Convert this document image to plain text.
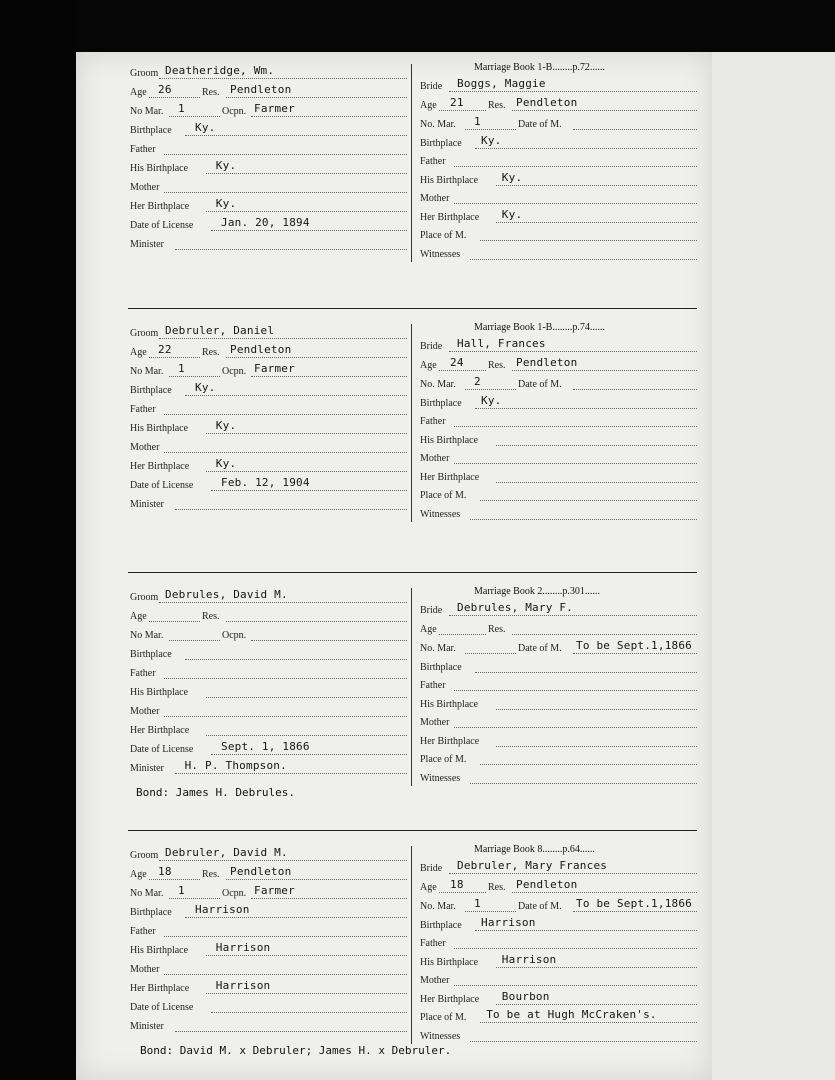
Groom Deatheridge, Wm.
Age	26	Res. Pendleton
No Mar.	1	Ocpn. Farmer
Birthplace	Ky.
Father
His Birthplace	Ky.
Mother
Her Birthplace	Ky.
Date of License	Jan. 20, 1894
Minister
Marriage Book 1-B........p.72......
Bride	Boggs, Maggie
Age	21 Res. Pendleton
No. Mar.	1	Date of M.
Birthplace	Ky.
Father
His Birthplace	Ky.
Mother
Her Birthplace	Ky.
Place of M.
Witnesses
Groom Debruler, Daniel
Age	22	Res. Pendleton
No Mar.	1	Ocpn. Farmer
Birthplace	Ky.
Father
His Birthplace	Ky.
Mother
Her Birthplace	Ky.
Date of License	Feb. 12, 1904
Minister
Marriage Book 1-B........p.74......
Bride	Hall, Frances
Age	24 Res. Pendleton
No. Mar.	2	Date of M.
Birthplace	Ky.
Father
His Birthplace
Mother
Her Birthplace
Place of M.
Witnesses
Groom Debrules, David M.
Age	Res.
No Mar.	Ocpn.
Birthplace
Father
His Birthplace
Mother
Her Birthplace
Date of License	Sept. 1, 1866
Minister	H. P. Thompson.
Marriage Book 2........p.301......
Bride	Debrules, Mary F.
Age	Res.
No. Mar.	Date of M.	To be Sept.1,1866
Birthplace
Father
His Birthplace
Mother
Her Birthplace
Place of M.
Witnesses
Bond: James H. Debrules.
Groom Debruler, David M.
Age	18	Res. Pendleton
No Mar.	1	Ocpn. Farmer
Birthplace	Harrison
Father
His Birthplace	Harrison
Mother
Her Birthplace	Harrison
Date of License
Minister
Marriage Book 8........p.64......
Bride	Debruler, Mary Frances
Age	18 Res. Pendleton
No. Mar.	1	Date of M.	To be Sept.1,1866
Birthplace	Harrison
Father
His Birthplace	Harrison
Mother
Her Birthplace	Bourbon
Place of M.	To be at Hugh McCraken's.
Witnesses
Bond: David M. x Debruler; James H. x Debruler.
